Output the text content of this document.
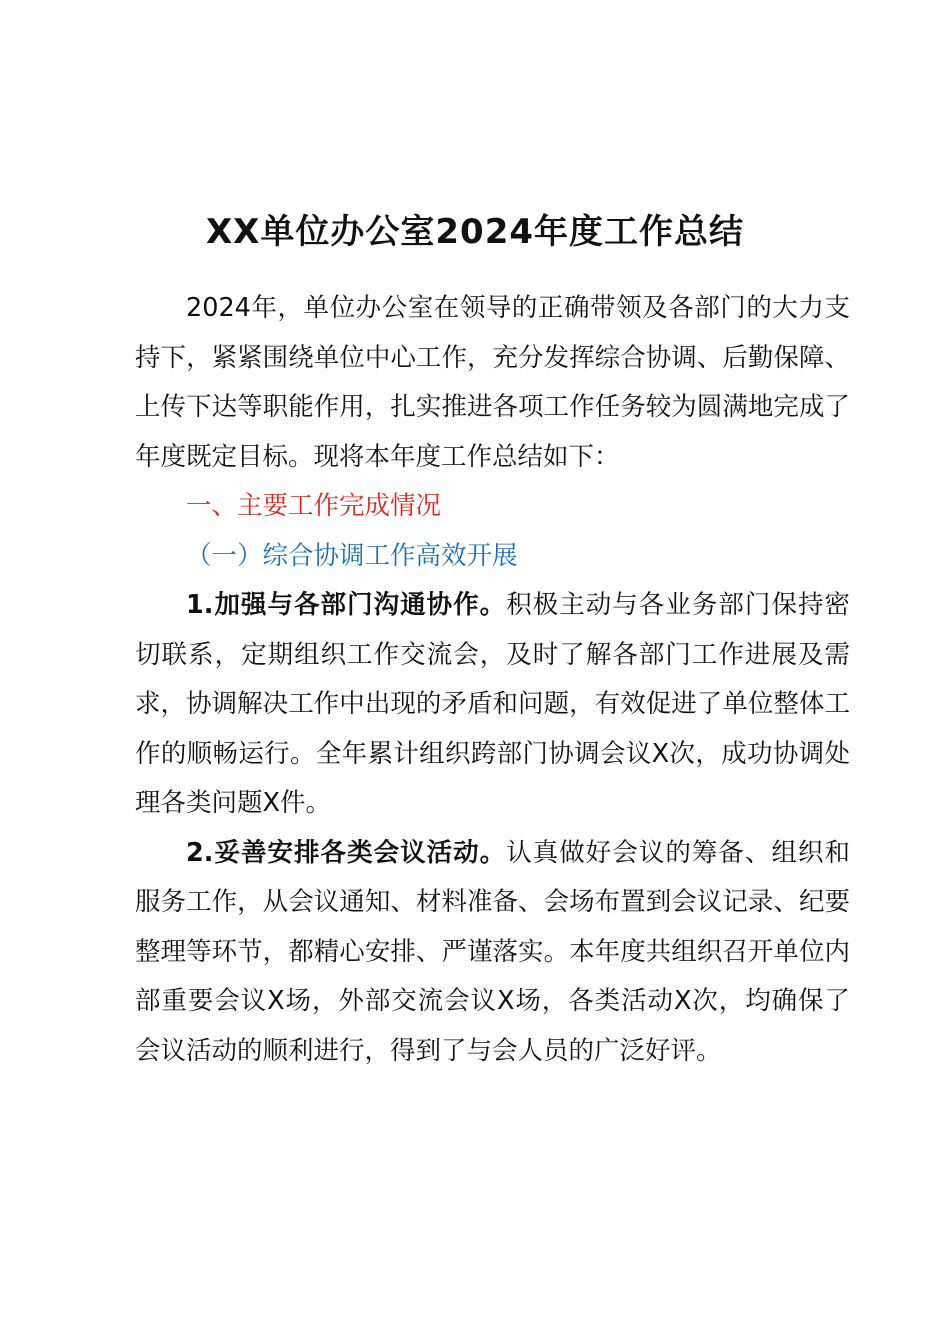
XX单位办公室2024年度工作总结

2024年，单位办公室在领导的正确带领及各部门的大力支持下，紧紧围绕单位中心工作，充分发挥综合协调、后勤保障、上传下达等职能作用，扎实推进各项工作任务较为圆满地完成了年度既定目标。现将本年度工作总结如下：

一、主要工作完成情况

（一）综合协调工作高效开展

1.加强与各部门沟通协作。积极主动与各业务部门保持密切联系，定期组织工作交流会，及时了解各部门工作进展及需求，协调解决工作中出现的矛盾和问题，有效促进了单位整体工作的顺畅运行。全年累计组织跨部门协调会议X次，成功协调处理各类问题X件。

2.妥善安排各类会议活动。认真做好会议的筹备、组织和服务工作，从会议通知、材料准备、会场布置到会议记录、纪要整理等环节，都精心安排、严谨落实。本年度共组织召开单位内部重要会议X场，外部交流会议X场，各类活动X次，均确保了会议活动的顺利进行，得到了与会人员的广泛好评。
